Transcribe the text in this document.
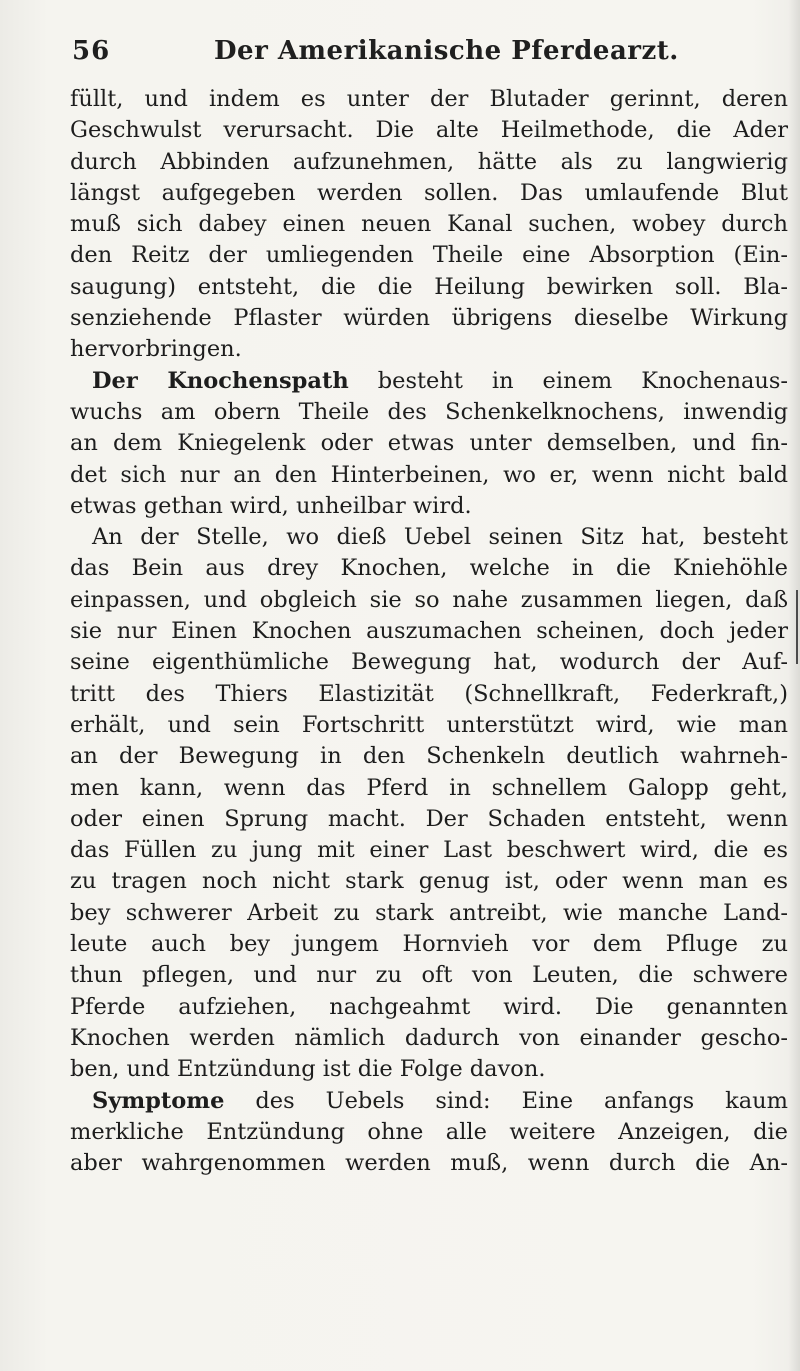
56	Der Amerikanische Pferdearzt.
füllt, und indem es unter der Blutader gerinnt, deren
Geschwulst verursacht. Die alte Heilmethode, die Ader
durch Abbinden aufzunehmen, hätte als zu langwierig
längst aufgegeben werden sollen. Das umlaufende Blut
muß sich dabey einen neuen Kanal suchen, wobey durch
den Reitz der umliegenden Theile eine Absorption (Ein-
saugung) entsteht, die die Heilung bewirken soll. Bla-
senziehende Pflaster würden übrigens dieselbe Wirkung
hervorbringen.
Der Knochenspath besteht in einem Knochenaus-
wuchs am obern Theile des Schenkelknochens, inwendig
an dem Kniegelenk oder etwas unter demselben, und fin-
det sich nur an den Hinterbeinen, wo er, wenn nicht bald
etwas gethan wird, unheilbar wird.
An der Stelle, wo dieß Uebel seinen Sitz hat, besteht
das Bein aus drey Knochen, welche in die Kniehöhle
einpassen, und obgleich sie so nahe zusammen liegen, daß
sie nur Einen Knochen auszumachen scheinen, doch jeder
seine eigenthümliche Bewegung hat, wodurch der Auf-
tritt des Thiers Elastizität (Schnellkraft, Federkraft,)
erhält, und sein Fortschritt unterstützt wird, wie man
an der Bewegung in den Schenkeln deutlich wahrneh-
men kann, wenn das Pferd in schnellem Galopp geht,
oder einen Sprung macht. Der Schaden entsteht, wenn
das Füllen zu jung mit einer Last beschwert wird, die es
zu tragen noch nicht stark genug ist, oder wenn man es
bey schwerer Arbeit zu stark antreibt, wie manche Land-
leute auch bey jungem Hornvieh vor dem Pfluge zu
thun pflegen, und nur zu oft von Leuten, die schwere
Pferde aufziehen, nachgeahmt wird. Die genannten
Knochen werden nämlich dadurch von einander gescho-
ben, und Entzündung ist die Folge davon.
Symptome des Uebels sind: Eine anfangs kaum
merkliche Entzündung ohne alle weitere Anzeigen, die
aber wahrgenommen werden muß, wenn durch die An-
